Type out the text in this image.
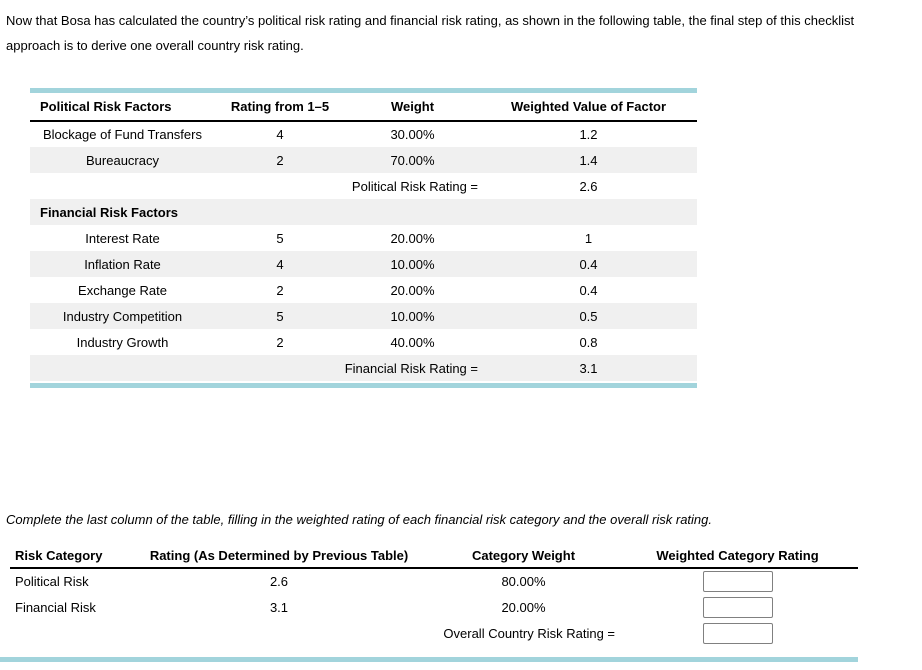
Now that Bosa has calculated the country’s political risk rating and financial risk rating, as shown in the following table, the final step of this checklist
approach is to derive one overall country risk rating.
Political Risk Factors	Rating from 1–5	Weight	Weighted Value of Factor
Blockage of Fund Transfers	4	30.00%	1.2
Bureaucracy	2	70.00%	1.4
Political Risk Rating =			2.6
Financial Risk Factors			
Interest Rate	5	20.00%	1
Inflation Rate	4	10.00%	0.4
Exchange Rate	2	20.00%	0.4
Industry Competition	5	10.00%	0.5
Industry Growth	2	40.00%	0.8
Financial Risk Rating =			3.1
Complete the last column of the table, filling in the weighted rating of each financial risk category and the overall risk rating.
Risk Category	Rating (As Determined by Previous Table)	Category Weight	Weighted Category Rating
Political Risk	2.6	80.00%	
Financial Risk	3.1	20.00%	
Overall Country Risk Rating =	
